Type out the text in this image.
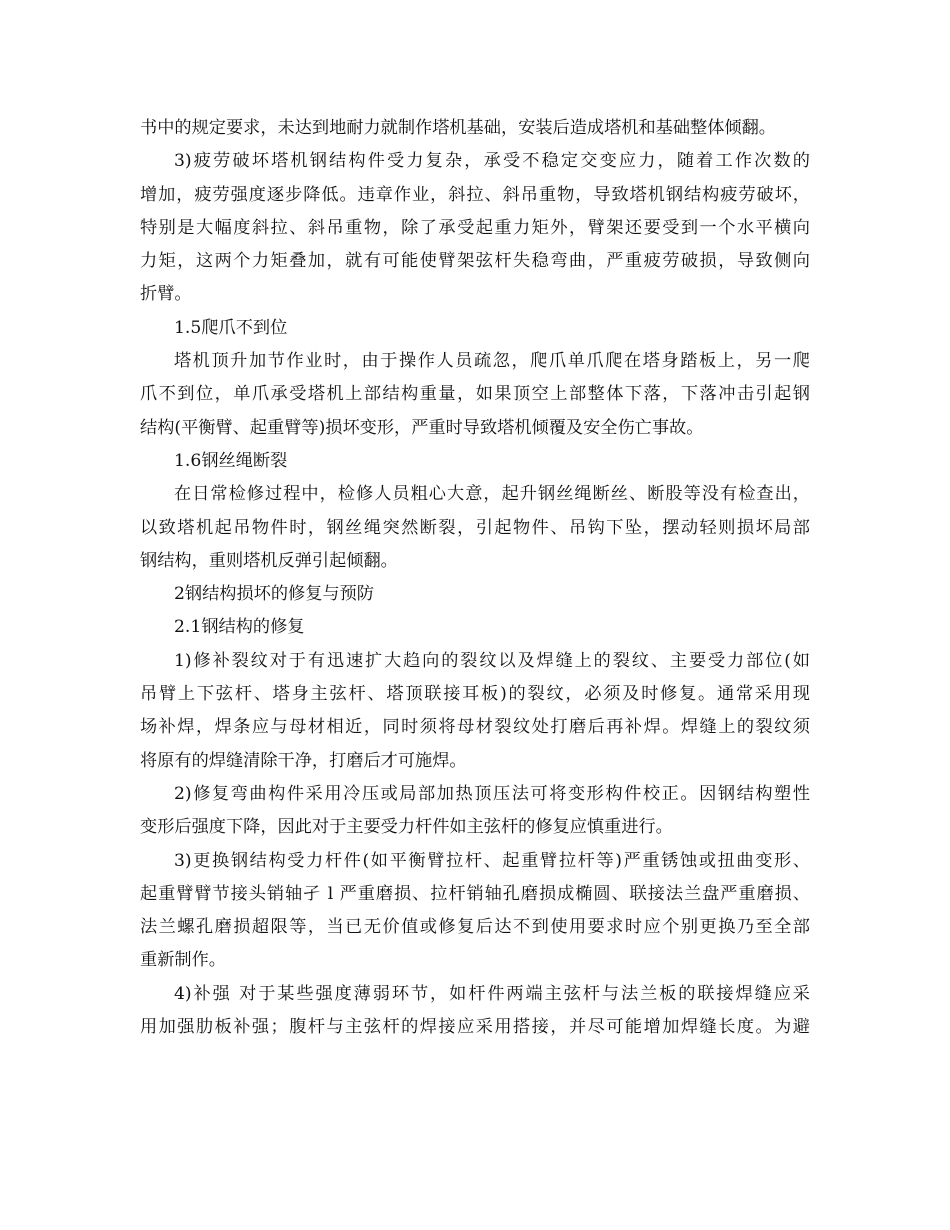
书中的规定要求，未达到地耐力就制作塔机基础，安装后造成塔机和基础整体倾翻。
3)疲劳破坏塔机钢结构件受力复杂，承受不稳定交变应力，随着工作次数的
增加，疲劳强度逐步降低。违章作业，斜拉、斜吊重物，导致塔机钢结构疲劳破坏，
特别是大幅度斜拉、斜吊重物，除了承受起重力矩外，臂架还要受到一个水平横向
力矩，这两个力矩叠加，就有可能使臂架弦杆失稳弯曲，严重疲劳破损，导致侧向
折臂。
1.5爬爪不到位
塔机顶升加节作业时，由于操作人员疏忽，爬爪单爪爬在塔身踏板上，另一爬
爪不到位，单爪承受塔机上部结构重量，如果顶空上部整体下落，下落冲击引起钢
结构(平衡臂、起重臂等)损坏变形，严重时导致塔机倾覆及安全伤亡事故。
1.6钢丝绳断裂
在日常检修过程中，检修人员粗心大意，起升钢丝绳断丝、断股等没有检查出，
以致塔机起吊物件时，钢丝绳突然断裂，引起物件、吊钩下坠，摆动轻则损坏局部
钢结构，重则塔机反弹引起倾翻。
2钢结构损坏的修复与预防
2.1钢结构的修复
1)修补裂纹对于有迅速扩大趋向的裂纹以及焊缝上的裂纹、主要受力部位(如
吊臂上下弦杆、塔身主弦杆、塔顶联接耳板)的裂纹，必须及时修复。通常采用现
场补焊，焊条应与母材相近，同时须将母材裂纹处打磨后再补焊。焊缝上的裂纹须
将原有的焊缝清除干净，打磨后才可施焊。
2)修复弯曲构件采用冷压或局部加热顶压法可将变形构件校正。因钢结构塑性
变形后强度下降，因此对于主要受力杆件如主弦杆的修复应慎重进行。
3)更换钢结构受力杆件(如平衡臂拉杆、起重臂拉杆等)严重锈蚀或扭曲变形、
起重臂臂节接头销轴孑 l 严重磨损、拉杆销轴孔磨损成椭圆、联接法兰盘严重磨损、
法兰螺孔磨损超限等，当已无价值或修复后达不到使用要求时应个别更换乃至全部
重新制作。
4)补强 对于某些强度薄弱环节，如杆件两端主弦杆与法兰板的联接焊缝应采
用加强肋板补强；腹杆与主弦杆的焊接应采用搭接，并尽可能增加焊缝长度。为避
